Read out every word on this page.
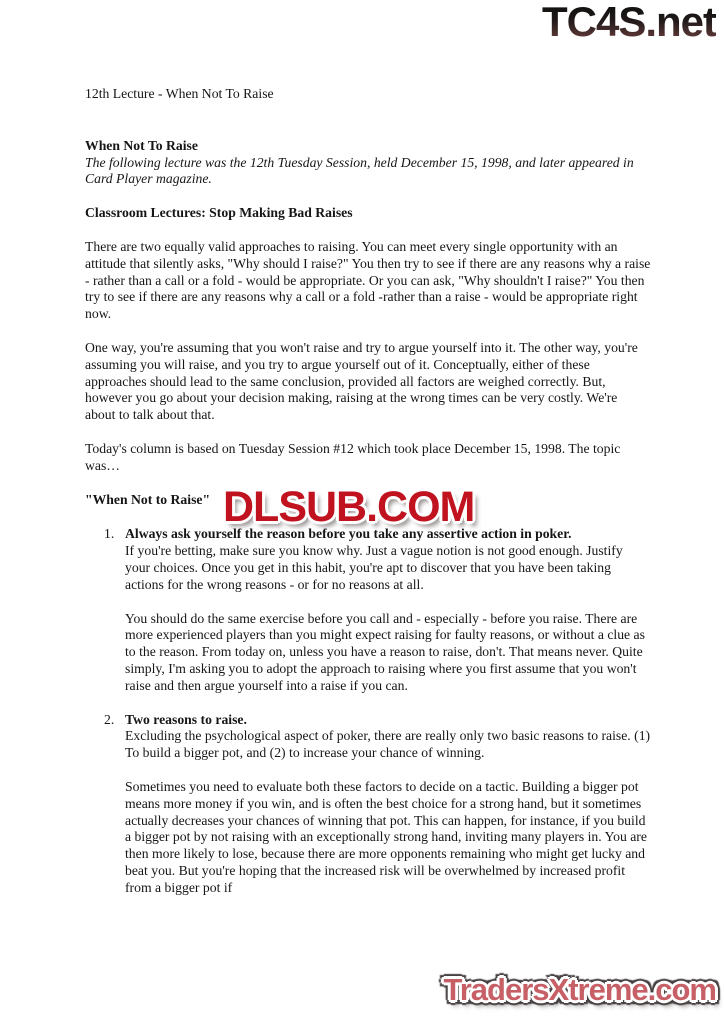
TC4S.net
12th Lecture - When Not To Raise
When Not To Raise
The following lecture was the 12th Tuesday Session, held December 15, 1998, and later appeared in Card Player magazine.
Classroom Lectures: Stop Making Bad Raises
There are two equally valid approaches to raising. You can meet every single opportunity with an attitude that silently asks, "Why should I raise?" You then try to see if there are any reasons why a raise - rather than a call or a fold - would be appropriate. Or you can ask, "Why shouldn't I raise?" You then try to see if there are any reasons why a call or a fold -rather than a raise - would be appropriate right now.
One way, you're assuming that you won't raise and try to argue yourself into it. The other way, you're assuming you will raise, and you try to argue yourself out of it. Conceptually, either of these approaches should lead to the same conclusion, provided all factors are weighed correctly. But, however you go about your decision making, raising at the wrong times can be very costly. We're about to talk about that.
Today's column is based on Tuesday Session #12 which took place December 15, 1998. The topic was…
"When Not to Raise"
1. Always ask yourself the reason before you take any assertive action in poker.
If you're betting, make sure you know why. Just a vague notion is not good enough. Justify your choices. Once you get in this habit, you're apt to discover that you have been taking actions for the wrong reasons - or for no reasons at all.
You should do the same exercise before you call and - especially - before you raise. There are more experienced players than you might expect raising for faulty reasons, or without a clue as to the reason. From today on, unless you have a reason to raise, don't. That means never. Quite simply, I'm asking you to adopt the approach to raising where you first assume that you won't raise and then argue yourself into a raise if you can.
2. Two reasons to raise.
Excluding the psychological aspect of poker, there are really only two basic reasons to raise. (1) To build a bigger pot, and (2) to increase your chance of winning.
Sometimes you need to evaluate both these factors to decide on a tactic. Building a bigger pot means more money if you win, and is often the best choice for a strong hand, but it sometimes actually decreases your chances of winning that pot. This can happen, for instance, if you build a bigger pot by not raising with an exceptionally strong hand, inviting many players in. You are then more likely to lose, because there are more opponents remaining who might get lucky and beat you. But you're hoping that the increased risk will be overwhelmed by increased profit from a bigger pot if
DLSUB.COM
TradersXtreme.com
